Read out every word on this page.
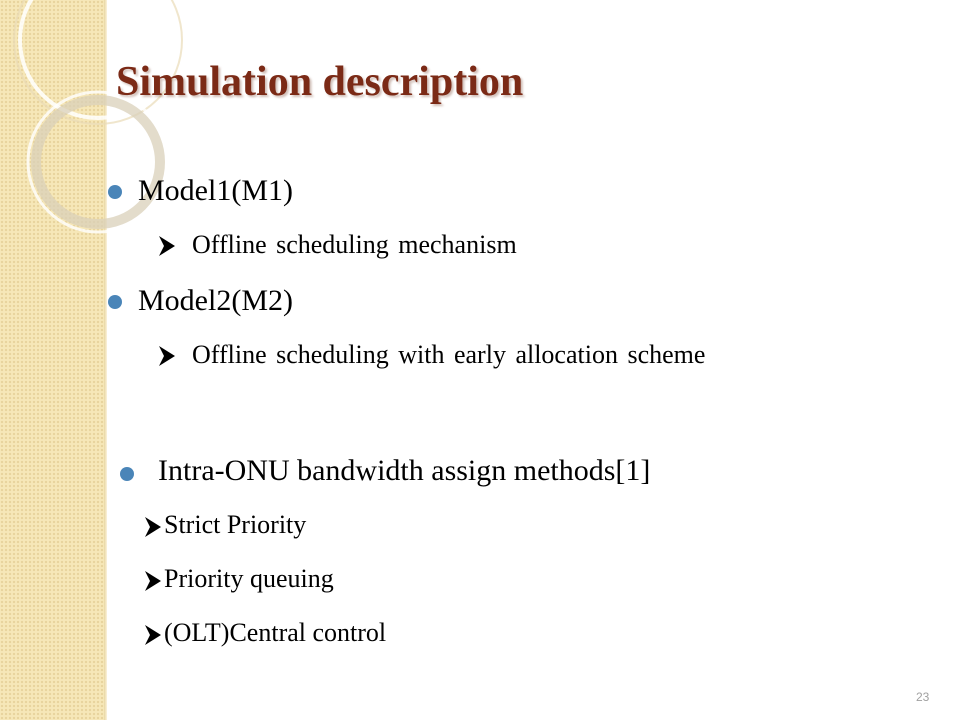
Simulation description
Model1(M1)
Offline scheduling mechanism
Model2(M2)
Offline scheduling with early allocation scheme
Intra-ONU bandwidth assign methods[1]
Strict Priority
Priority queuing
(OLT)Central control
23
